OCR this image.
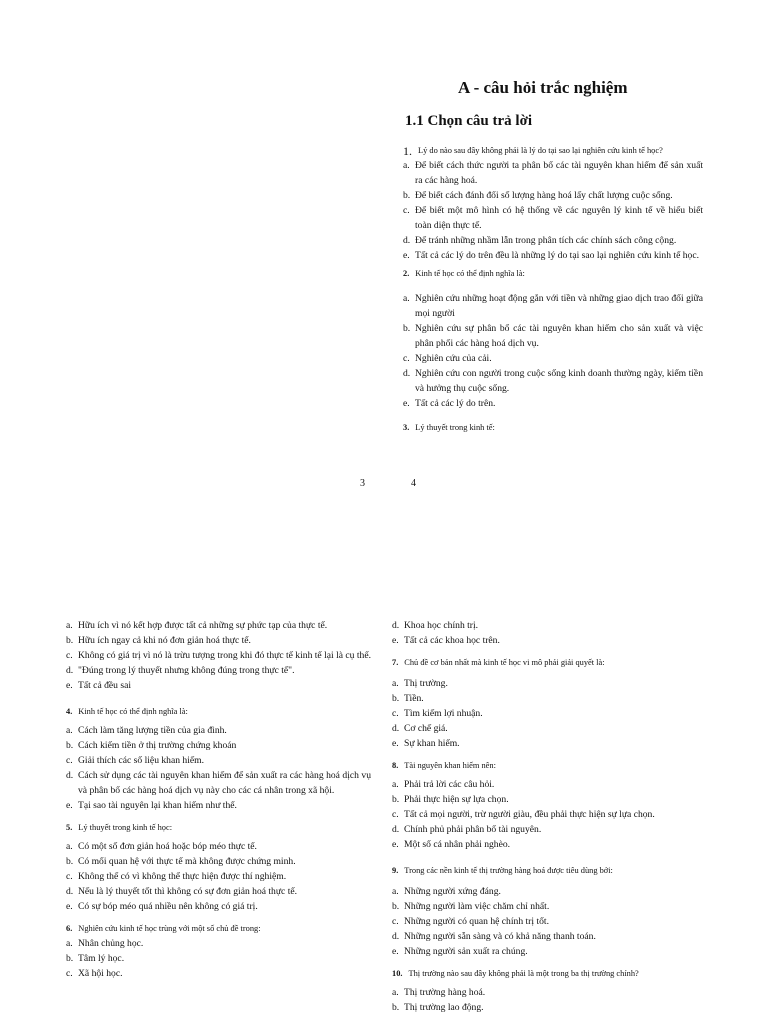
A - câu hỏi trắc nghiệm
1.1 Chọn câu trả lời
1. Lý do nào sau đây không phải là lý do tại sao lại nghiên cứu kinh tế học?
a. Để biết cách thức người ta phân bổ các tài nguyên khan hiếm để sản xuất ra các hàng hoá.
b. Để biết cách đánh đổi số lượng hàng hoá lấy chất lượng cuộc sống.
c. Để biết một mô hình có hệ thống về các nguyên lý kinh tế về hiểu biết toàn diện thực tế.
d. Để tránh những nhầm lẫn trong phân tích các chính sách công cộng.
e. Tất cả các lý do trên đều là những lý do tại sao lại nghiên cứu kinh tế học.
2. Kinh tế học có thể định nghĩa là:
a. Nghiên cứu những hoạt động gắn với tiền và những giao dịch trao đổi giữa mọi người
b. Nghiên cứu sự phân bổ các tài nguyên khan hiếm cho sản xuất và việc phân phối các hàng hoá dịch vụ.
c. Nghiên cứu của cải.
d. Nghiên cứu con người trong cuộc sống kinh doanh thường ngày, kiếm tiền và hưởng thụ cuộc sống.
e. Tất cả các lý do trên.
3. Lý thuyết trong kinh tế:
3	4
a. Hữu ích vì nó kết hợp được tất cả những sự phức tạp của thực tế.
b. Hữu ích ngay cả khi nó đơn giản hoá thực tế.
c. Không có giá trị vì nó là trừu tượng trong khi đó thực tế kinh tế lại là cụ thể.
d. "Đúng trong lý thuyết nhưng không đúng trong thực tế".
e. Tất cả đều sai
4. Kinh tế học có thể định nghĩa là:
a. Cách làm tăng lượng tiền của gia đình.
b. Cách kiếm tiền ở thị trường chứng khoán
c. Giải thích các số liệu khan hiếm.
d. Cách sử dụng các tài nguyên khan hiếm để sản xuất ra các hàng hoá dịch vụ và phân bổ các hàng hoá dịch vụ này cho các cá nhân trong xã hội.
e. Tại sao tài nguyên lại khan hiếm như thế.
5. Lý thuyết trong kinh tế học:
a. Có một số đơn giản hoá hoặc bóp méo thực tế.
b. Có mối quan hệ với thực tế mà không được chứng minh.
c. Không thể có vì không thể thực hiện được thí nghiệm.
d. Nếu là lý thuyết tốt thì không có sự đơn giản hoá thực tế.
e. Có sự bóp méo quá nhiều nên không có giá trị.
6. Nghiên cứu kinh tế học trùng với một số chủ đề trong:
a. Nhân chủng học.
b. Tâm lý học.
c. Xã hội học.
d. Khoa học chính trị.
e. Tất cả các khoa học trên.
7. Chủ đề cơ bản nhất mà kinh tế học vi mô phải giải quyết là:
a. Thị trường.
b. Tiền.
c. Tìm kiếm lợi nhuận.
d. Cơ chế giá.
e. Sự khan hiếm.
8. Tài nguyên khan hiếm nên:
a. Phải trả lời các câu hỏi.
b. Phải thực hiện sự lựa chọn.
c. Tất cả mọi người, trừ người giàu, đều phải thực hiện sự lựa chọn.
d. Chính phủ phải phân bổ tài nguyên.
e. Một số cá nhân phải nghèo.
9. Trong các nền kinh tế thị trường hàng hoá được tiêu dùng bởi:
a. Những người xứng đáng.
b. Những người làm việc chăm chỉ nhất.
c. Những người có quan hệ chính trị tốt.
d. Những người sẵn sàng và có khả năng thanh toán.
e. Những người sản xuất ra chúng.
10. Thị trường nào sau đây không phải là một trong ba thị trường chính?
a. Thị trường hàng hoá.
b. Thị trường lao động.
